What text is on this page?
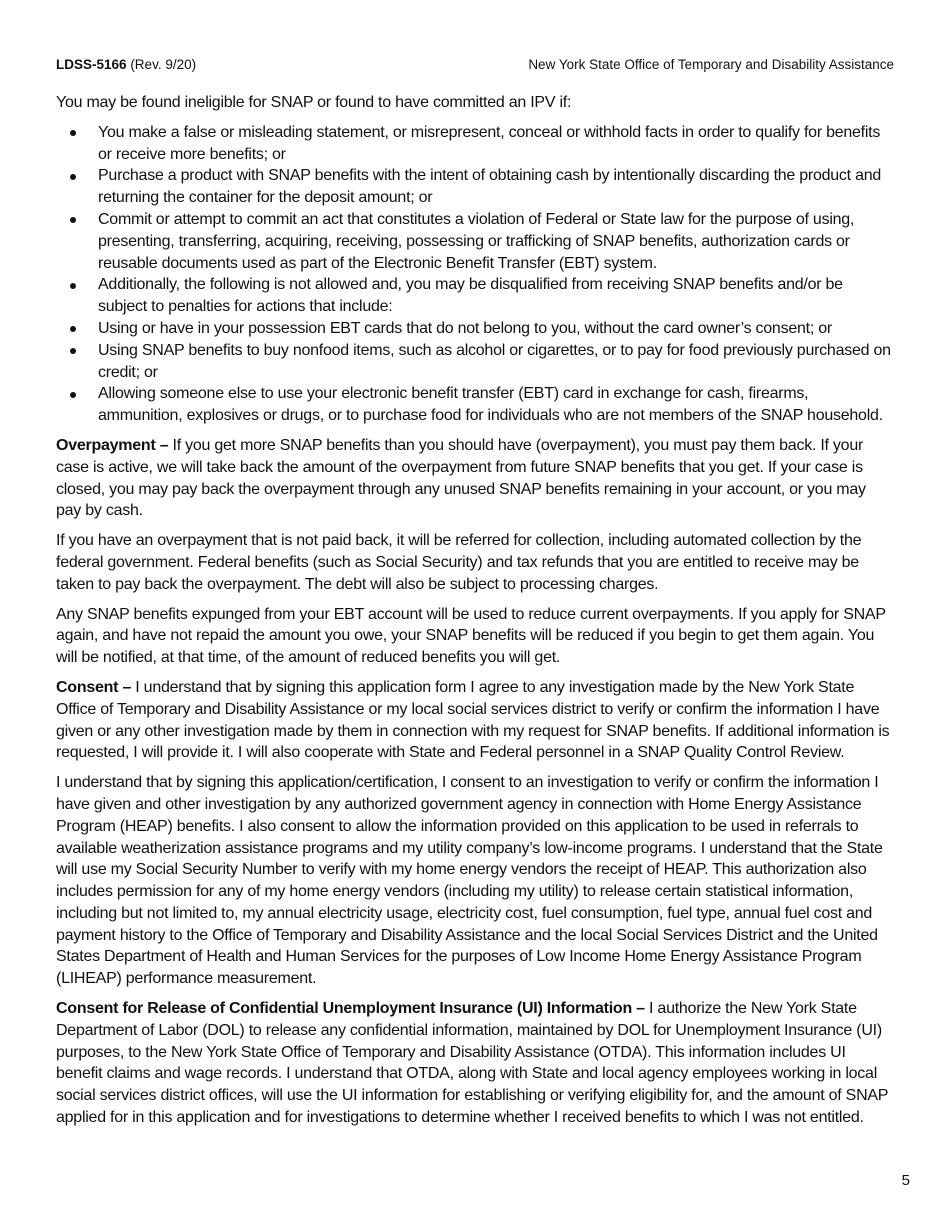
LDSS-5166 (Rev. 9/20)	New York State Office of Temporary and Disability Assistance

You may be found ineligible for SNAP or found to have committed an IPV if:

You make a false or misleading statement, or misrepresent, conceal or withhold facts in order to qualify for benefits or receive more benefits; or
Purchase a product with SNAP benefits with the intent of obtaining cash by intentionally discarding the product and returning the container for the deposit amount; or
Commit or attempt to commit an act that constitutes a violation of Federal or State law for the purpose of using, presenting, transferring, acquiring, receiving, possessing or trafficking of SNAP benefits, authorization cards or reusable documents used as part of the Electronic Benefit Transfer (EBT) system.
Additionally, the following is not allowed and, you may be disqualified from receiving SNAP benefits and/or be subject to penalties for actions that include:
Using or have in your possession EBT cards that do not belong to you, without the card owner’s consent; or
Using SNAP benefits to buy nonfood items, such as alcohol or cigarettes, or to pay for food previously purchased on credit; or
Allowing someone else to use your electronic benefit transfer (EBT) card in exchange for cash, firearms, ammunition, explosives or drugs, or to purchase food for individuals who are not members of the SNAP household.

Overpayment – If you get more SNAP benefits than you should have (overpayment), you must pay them back. If your case is active, we will take back the amount of the overpayment from future SNAP benefits that you get. If your case is closed, you may pay back the overpayment through any unused SNAP benefits remaining in your account, or you may pay by cash.

If you have an overpayment that is not paid back, it will be referred for collection, including automated collection by the federal government. Federal benefits (such as Social Security) and tax refunds that you are entitled to receive may be taken to pay back the overpayment. The debt will also be subject to processing charges.

Any SNAP benefits expunged from your EBT account will be used to reduce current overpayments. If you apply for SNAP again, and have not repaid the amount you owe, your SNAP benefits will be reduced if you begin to get them again. You will be notified, at that time, of the amount of reduced benefits you will get.

Consent – I understand that by signing this application form I agree to any investigation made by the New York State Office of Temporary and Disability Assistance or my local social services district to verify or confirm the information I have given or any other investigation made by them in connection with my request for SNAP benefits. If additional information is requested, I will provide it. I will also cooperate with State and Federal personnel in a SNAP Quality Control Review.

I understand that by signing this application/certification, I consent to an investigation to verify or confirm the information I have given and other investigation by any authorized government agency in connection with Home Energy Assistance Program (HEAP) benefits. I also consent to allow the information provided on this application to be used in referrals to available weatherization assistance programs and my utility company’s low-income programs. I understand that the State will use my Social Security Number to verify with my home energy vendors the receipt of HEAP. This authorization also includes permission for any of my home energy vendors (including my utility) to release certain statistical information, including but not limited to, my annual electricity usage, electricity cost, fuel consumption, fuel type, annual fuel cost and payment history to the Office of Temporary and Disability Assistance and the local Social Services District and the United States Department of Health and Human Services for the purposes of Low Income Home Energy Assistance Program (LIHEAP) performance measurement.

Consent for Release of Confidential Unemployment Insurance (UI) Information – I authorize the New York State Department of Labor (DOL) to release any confidential information, maintained by DOL for Unemployment Insurance (UI) purposes, to the New York State Office of Temporary and Disability Assistance (OTDA). This information includes UI benefit claims and wage records. I understand that OTDA, along with State and local agency employees working in local social services district offices, will use the UI information for establishing or verifying eligibility for, and the amount of SNAP applied for in this application and for investigations to determine whether I received benefits to which I was not entitled.

5
